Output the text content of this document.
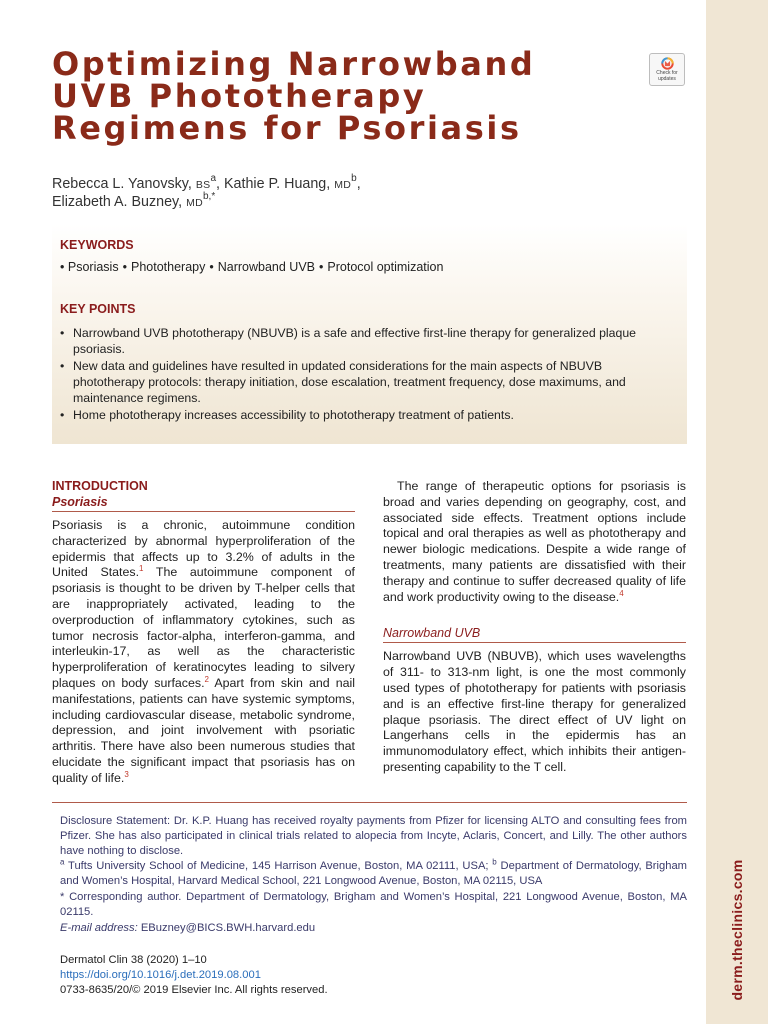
derm.theclinics.com
Optimizing Narrowband
UVB Phototherapy
Regimens for Psoriasis
Check for
updates
Rebecca L. Yanovsky, $BS^a$, Kathie P. Huang, $MD^b$,
Elizabeth A. Buzney, $MD^{b,*}$
KEYWORDS
• Psoriasis • Phototherapy • Narrowband UVB • Protocol optimization
KEY POINTS
• Narrowband UVB phototherapy (NBUVB) is a safe and effective first-line therapy for generalized plaque psoriasis.
• New data and guidelines have resulted in updated considerations for the main aspects of NBUVB phototherapy protocols: therapy initiation, dose escalation, treatment frequency, dose maximums, and maintenance regimens.
• Home phototherapy increases accessibility to phototherapy treatment of patients.
INTRODUCTION
Psoriasis

Psoriasis is a chronic, autoimmune condition characterized by abnormal hyperproliferation of the epidermis that affects up to 3.2% of adults in the United States.$^1$ The autoimmune component of psoriasis is thought to be driven by T-helper cells that are inappropriately activated, leading to the overproduction of inflammatory cytokines, such as tumor necrosis factor-alpha, interferon-gamma, and interleukin-17, as well as the characteristic hyperproliferation of keratinocytes leading to silvery plaques on body surfaces.$^2$ Apart from skin and nail manifestations, patients can have systemic symptoms, including cardiovascular disease, metabolic syndrome, depression, and joint involvement with psoriatic arthritis. There have also been numerous studies that elucidate the significant impact that psoriasis has on quality of life.$^3$

The range of therapeutic options for psoriasis is broad and varies depending on geography, cost, and associated side effects. Treatment options include topical and oral therapies as well as phototherapy and newer biologic medications. Despite a wide range of treatments, many patients are dissatisfied with their therapy and continue to suffer decreased quality of life and work productivity owing to the disease.$^4$

Narrowband UVB

Narrowband UVB (NBUVB), which uses wavelengths of 311- to 313-nm light, is one the most commonly used types of phototherapy for patients with psoriasis and is an effective first-line therapy for generalized plaque psoriasis. The direct effect of UV light on Langerhans cells in the epidermis has an immunomodulatory effect, which inhibits their antigen-presenting capability to the T cell.

Disclosure Statement: Dr. K.P. Huang has received royalty payments from Pfizer for licensing ALTO and consulting fees from Pfizer. She has also participated in clinical trials related to alopecia from Incyte, Aclaris, Concert, and Lilly. The other authors have nothing to disclose.

$^a$ Tufts University School of Medicine, 145 Harrison Avenue, Boston, MA 02111, USA; $^b$ Department of Dermatology, Brigham and Women’s Hospital, Harvard Medical School, 221 Longwood Avenue, Boston, MA 02115, USA

* Corresponding author. Department of Dermatology, Brigham and Women’s Hospital, 221 Longwood Avenue, Boston, MA 02115.

E-mail address: EBuzney@BICS.BWH.harvard.edu

Dermatol Clin 38 (2020) 1–10
https://doi.org/10.1016/j.det.2019.08.001
0733-8635/20/© 2019 Elsevier Inc. All rights reserved.
